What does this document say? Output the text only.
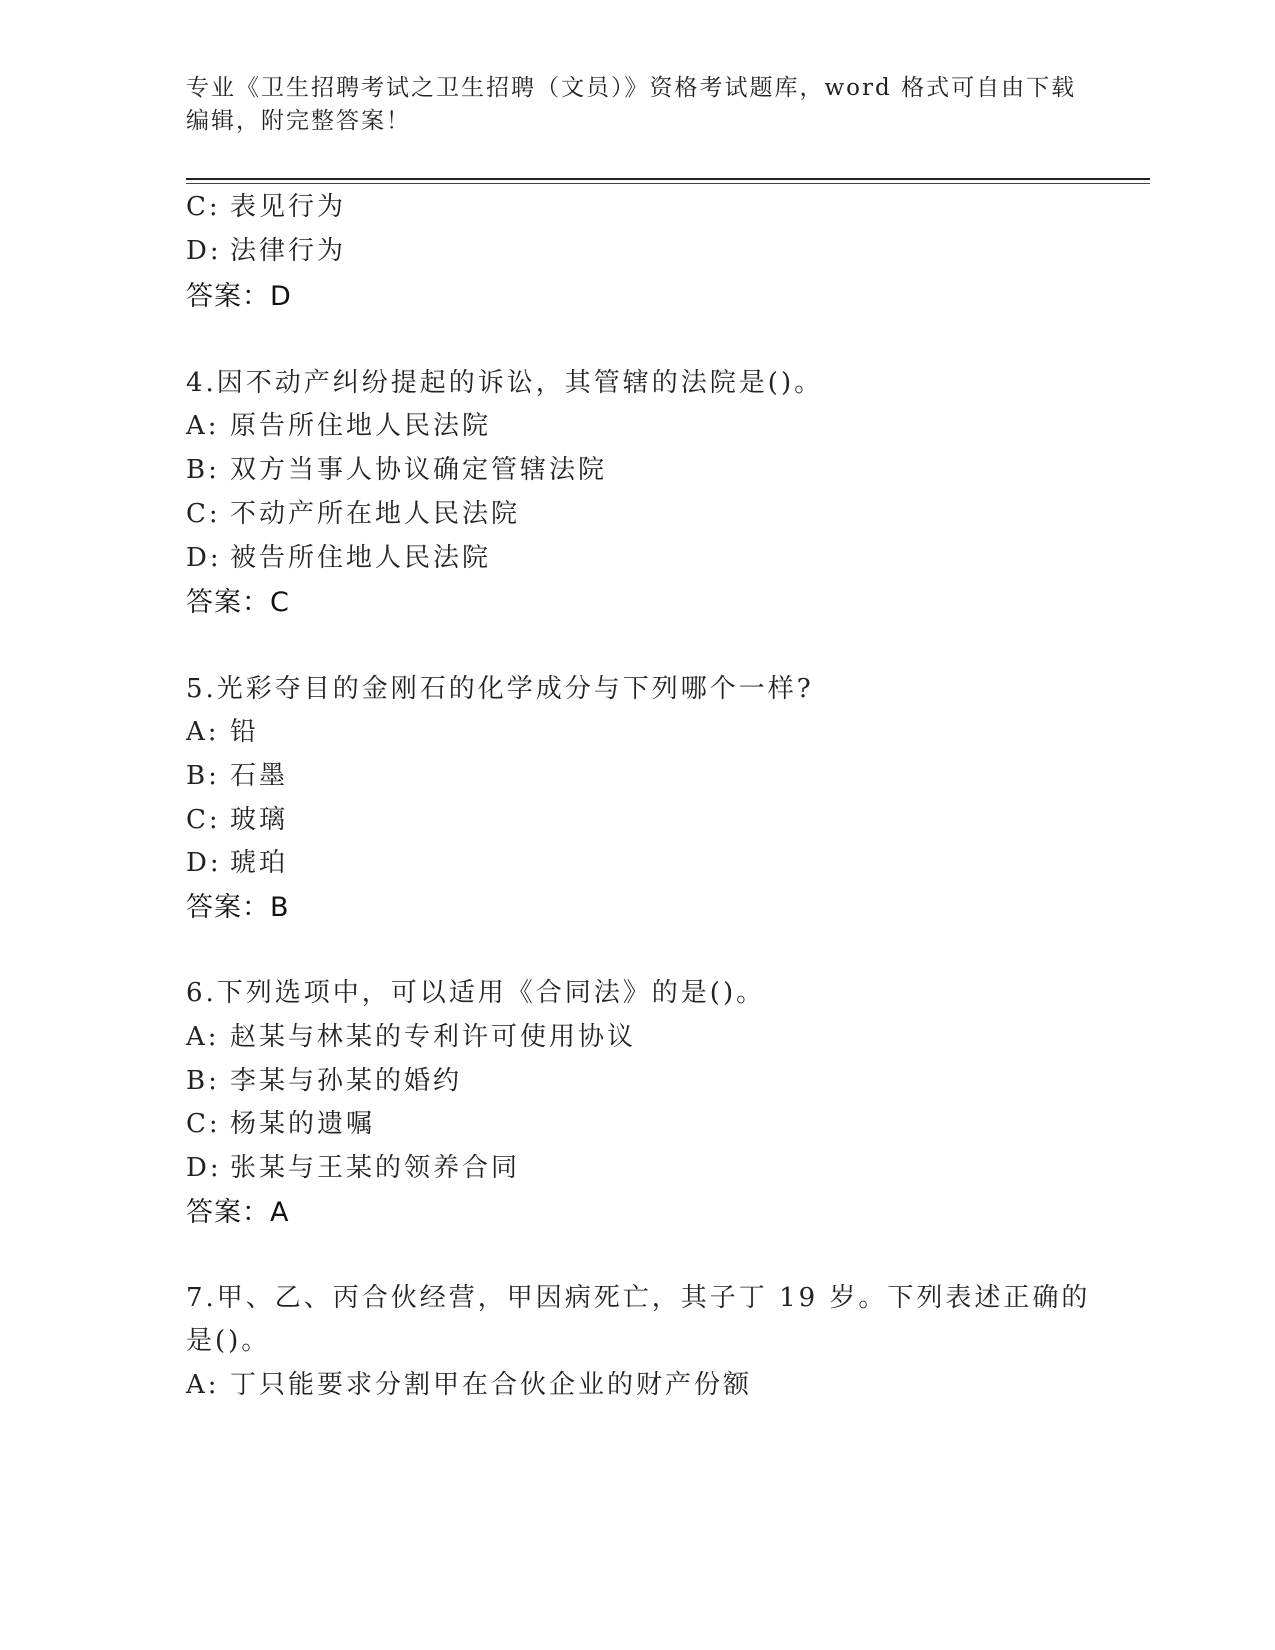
专业《卫生招聘考试之卫生招聘（文员）》资格考试题库，word 格式可自由下载
编辑，附完整答案！
C: 表见行为
D: 法律行为
答案：D
4.因不动产纠纷提起的诉讼，其管辖的法院是()。
A: 原告所住地人民法院
B: 双方当事人协议确定管辖法院
C: 不动产所在地人民法院
D: 被告所住地人民法院
答案：C
5.光彩夺目的金刚石的化学成分与下列哪个一样?
A: 铅
B: 石墨
C: 玻璃
D: 琥珀
答案：B
6.下列选项中，可以适用《合同法》的是()。
A: 赵某与林某的专利许可使用协议
B: 李某与孙某的婚约
C: 杨某的遗嘱
D: 张某与王某的领养合同
答案：A
7.甲、乙、丙合伙经营，甲因病死亡，其子丁 19 岁。下列表述正确的
是()。
A: 丁只能要求分割甲在合伙企业的财产份额
